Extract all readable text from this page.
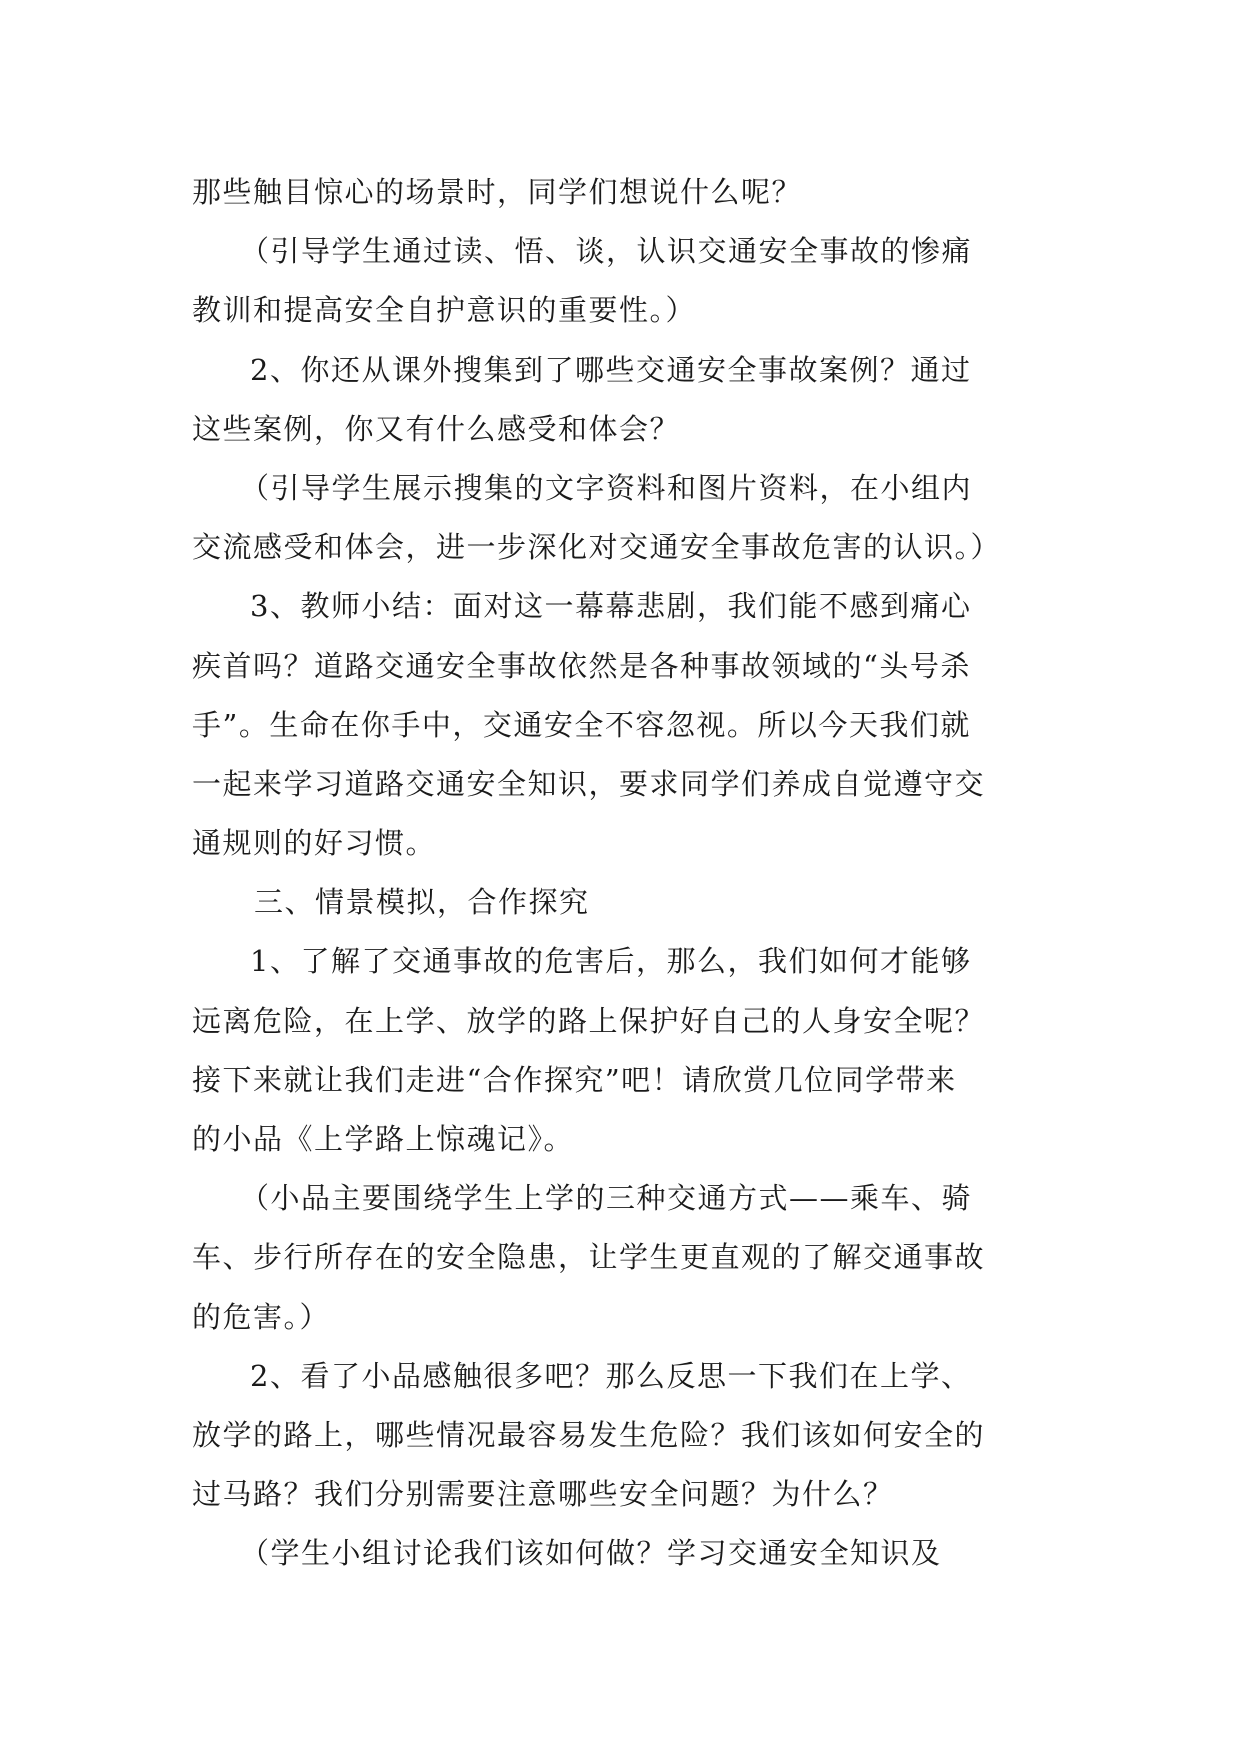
那些触目惊心的场景时，同学们想说什么呢？
（引导学生通过读、悟、谈，认识交通安全事故的惨痛
教训和提高安全自护意识的重要性。）
2、你还从课外搜集到了哪些交通安全事故案例？通过
这些案例，你又有什么感受和体会？
（引导学生展示搜集的文字资料和图片资料，在小组内
交流感受和体会，进一步深化对交通安全事故危害的认识。）
3、教师小结：面对这一幕幕悲剧，我们能不感到痛心
疾首吗？道路交通安全事故依然是各种事故领域的“头号杀
手”。生命在你手中，交通安全不容忽视。所以今天我们就
一起来学习道路交通安全知识，要求同学们养成自觉遵守交
通规则的好习惯。
三、情景模拟，合作探究
1、了解了交通事故的危害后，那么，我们如何才能够
远离危险，在上学、放学的路上保护好自己的人身安全呢？
接下来就让我们走进“合作探究”吧！请欣赏几位同学带来
的小品《上学路上惊魂记》。
（小品主要围绕学生上学的三种交通方式——乘车、骑
车、步行所存在的安全隐患，让学生更直观的了解交通事故
的危害。）
2、看了小品感触很多吧？那么反思一下我们在上学、
放学的路上，哪些情况最容易发生危险？我们该如何安全的
过马路？我们分别需要注意哪些安全问题？为什么？
（学生小组讨论我们该如何做？学习交通安全知识及
